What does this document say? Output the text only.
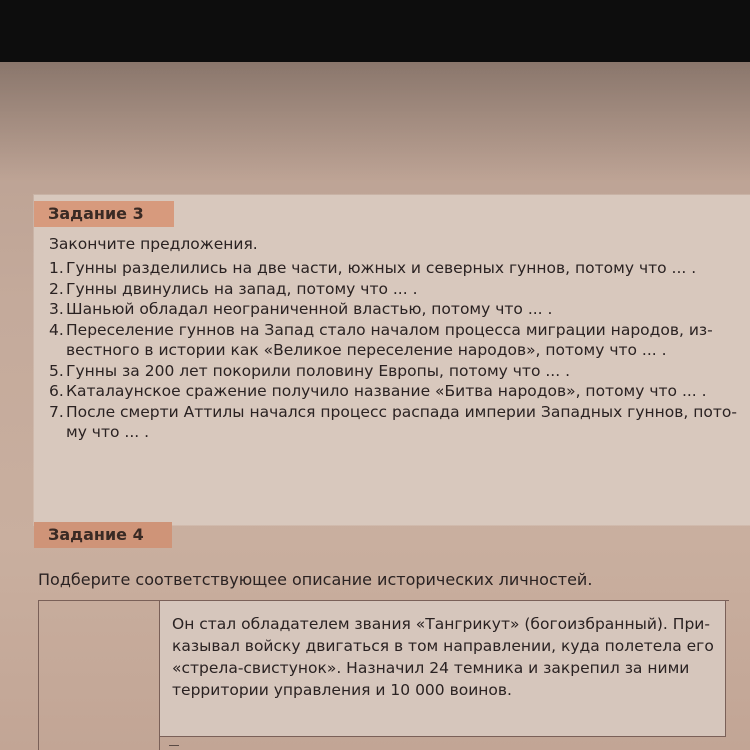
Задание 3
Закончите предложения.
1. Гунны разделились на две части, южных и северных гуннов, потому что ... .
2. Гунны двинулись на запад, потому что ... .
3. Шаньюй обладал неограниченной властью, потому что ... .
4. Переселение гуннов на Запад стало началом процесса миграции народов, из-
вестного в истории как «Великое переселение народов», потому что ... .
5. Гунны за 200 лет покорили половину Европы, потому что ... .
6. Каталаунское сражение получило название «Битва народов», потому что ... .
7. После смерти Аттилы начался процесс распада империи Западных гуннов, пото-
му что ... .
Задание 4
Подберите соответствующее описание исторических личностей.
Он стал обладателем звания «Тангрикут» (богоизбранный). При-
казывал войску двигаться в том направлении, куда полетела его
«стрела-свистунок». Назначил 24 темника и закрепил за ними
территории управления и 10 000 воинов.
